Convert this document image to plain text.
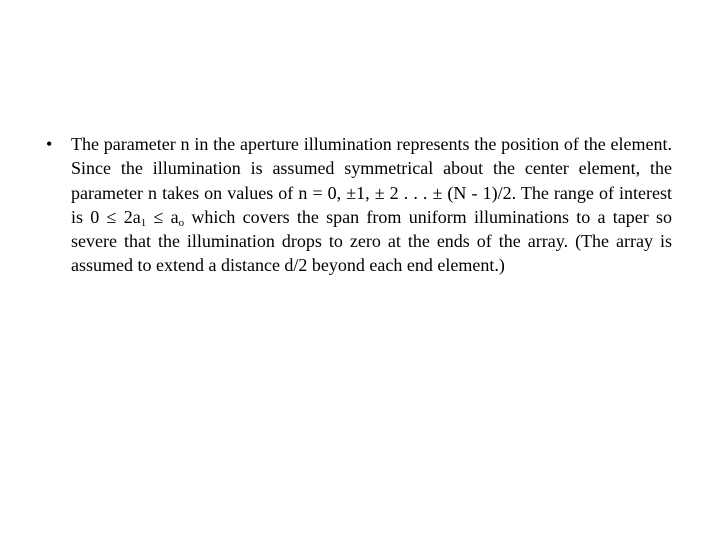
• The parameter n in the aperture illumination represents the position of the element. Since the illumination is assumed symmetrical about the center element, the parameter n takes on values of n = 0, ±1, ± 2 . . . ± (N - 1)/2. The range of interest is $0 \le 2a_1 \le a_o$ which covers the span from uniform illuminations to a taper so severe that the illumination drops to zero at the ends of the array. (The array is assumed to extend a distance d/2 beyond each end element.)
